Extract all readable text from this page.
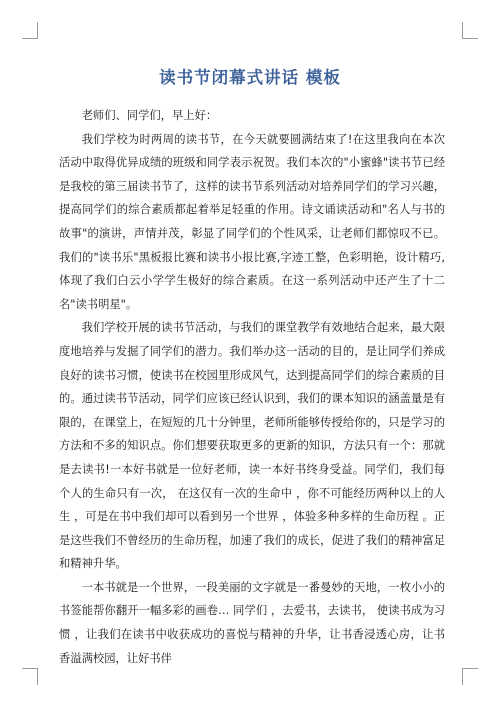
读书节闭幕式讲话 模板

老师们、同学们，早上好：

我们学校为时两周的读书节，在今天就要圆满结束了!在这里我向在本次活动中取得优异成绩的班级和同学表示祝贺。我们本次的"小蜜蜂"读书节已经是我校的第三届读书节了，这样的读书节系列活动对培养同学们的学习兴趣，提高同学们的综合素质都起着举足轻重的作用。诗文诵读活动和"名人与书的故事"的演讲，声情并茂，彰显了同学们的个性风采，让老师们都惊叹不已。我们的"读书乐"黑板报比赛和读书小报比赛,字迹工整，色彩明艳，设计精巧,体现了我们白云小学学生极好的综合素质。在这一系列活动中还产生了十二名"读书明星"。

我们学校开展的读书节活动，与我们的课堂教学有效地结合起来，最大限度地培养与发掘了同学们的潜力。我们举办这一活动的目的，是让同学们养成良好的读书习惯，使读书在校园里形成风气，达到提高同学们的综合素质的目的。通过读书节活动，同学们应该已经认识到，我们的课本知识的涵盖量是有限的，在课堂上，在短短的几十分钟里，老师所能够传授给你的，只是学习的方法和不多的知识点。你们想要获取更多的更新的知识，方法只有一个：那就是去读书!一本好书就是一位好老师，读一本好书终身受益。同学们，我们每个人的生命只有一次， 在这仅有一次的生命中 ，你不可能经历两种以上的人生 ，可是在书中我们却可以看到另一个世界 ，体验多种多样的生命历程 。正是这些我们不曾经历的生命历程，加速了我们的成长，促进了我们的精神富足和精神升华。

一本书就是一个世界，一段美丽的文字就是一番曼妙的天地，一枚小小的书签能帮你翻开一幅多彩的画卷… 同学们 ，去爱书，去读书， 使读书成为习惯 ，让我们在读书中收获成功的喜悦与精神的升华，让书香浸透心房，让书香溢满校园，让好书伴
